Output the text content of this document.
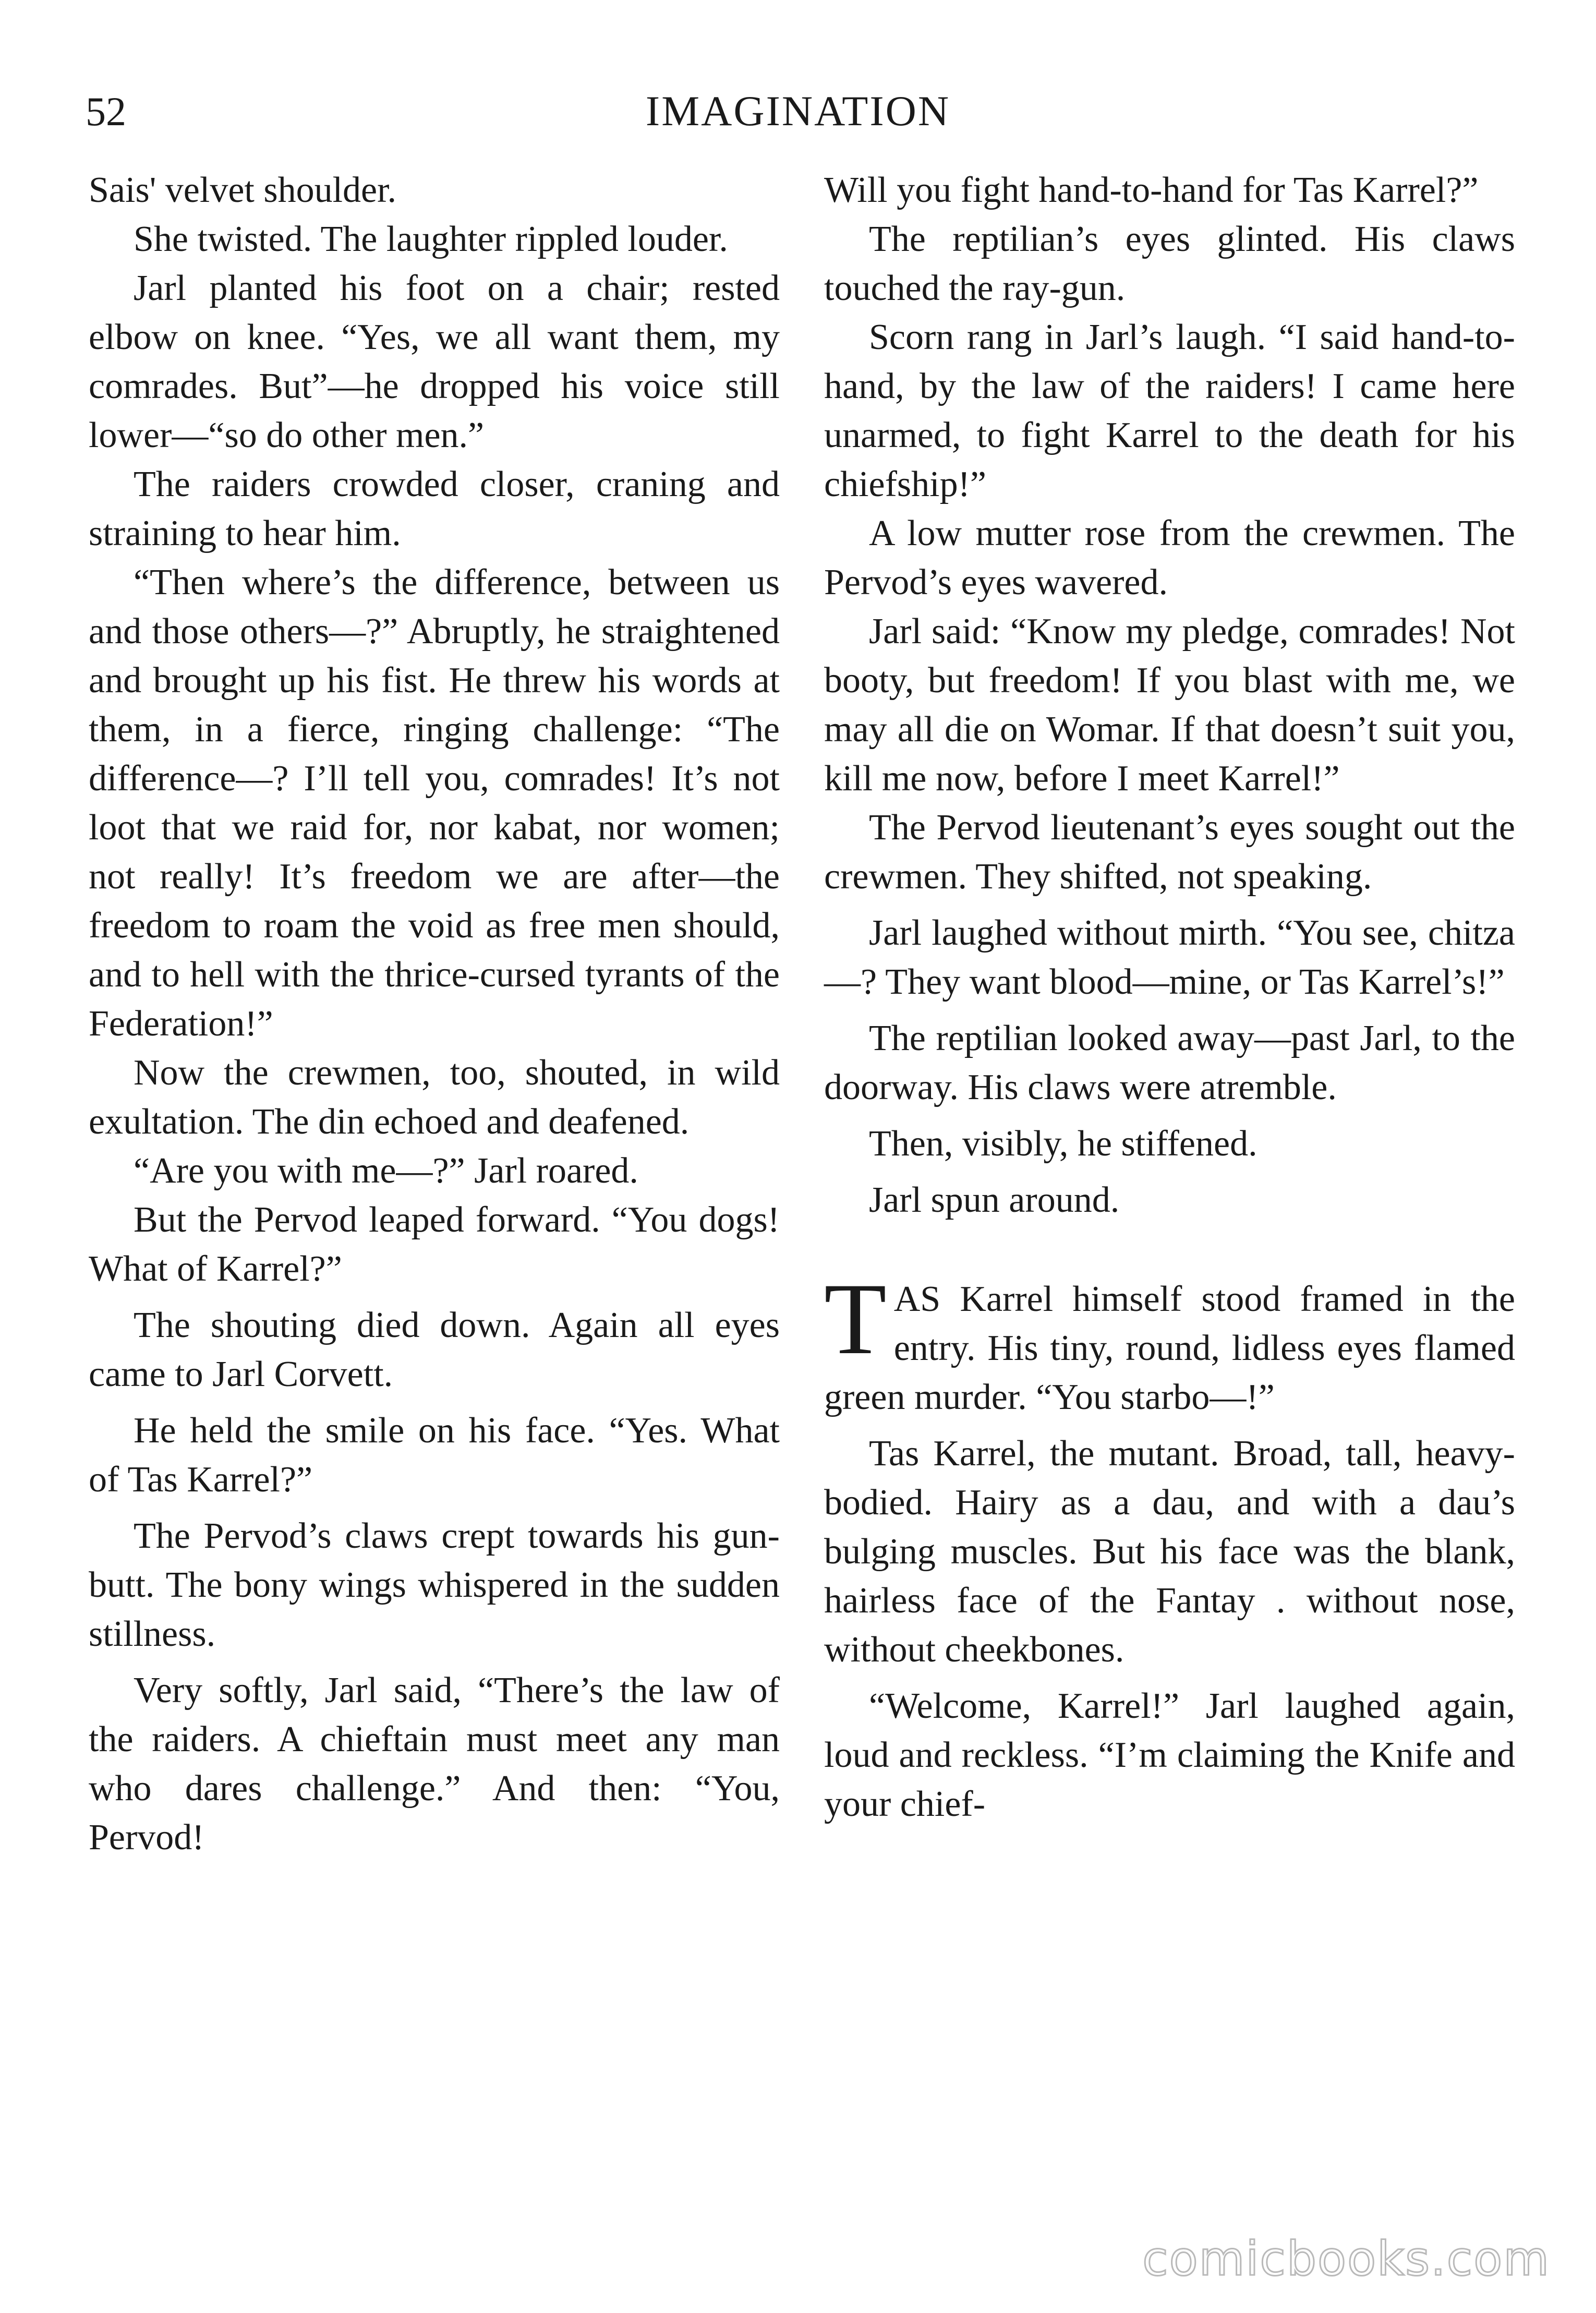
52	IMAGINATION

Sais' velvet shoulder.

She twisted. The laughter rippled louder.

Jarl planted his foot on a chair; rested elbow on knee. “Yes, we all want them, my comrades. But”—he dropped his voice still lower—“so do other men.”

The raiders crowded closer, craning and straining to hear him.

“Then where’s the difference, between us and those others—?” Abruptly, he straightened and brought up his fist. He threw his words at them, in a fierce, ringing challenge: “The difference—? I’ll tell you, comrades! It’s not loot that we raid for, nor kabat, nor women; not really! It’s freedom we are after—the freedom to roam the void as free men should, and to hell with the thrice-cursed tyrants of the Federation!”

Now the crewmen, too, shouted, in wild exultation. The din echoed and deafened.

“Are you with me—?” Jarl roared.

But the Pervod leaped forward. “You dogs! What of Karrel?”

The shouting died down. Again all eyes came to Jarl Corvett.

He held the smile on his face. “Yes. What of Tas Karrel?”

The Pervod’s claws crept towards his gun-butt. The bony wings whispered in the sudden stillness.

Very softly, Jarl said, “There’s the law of the raiders. A chieftain must meet any man who dares challenge.” And then: “You, Pervod!

Will you fight hand-to-hand for Tas Karrel?”

The reptilian’s eyes glinted. His claws touched the ray-gun.

Scorn rang in Jarl’s laugh. “I said hand-to-hand, by the law of the raiders! I came here unarmed, to fight Karrel to the death for his chiefship!”

A low mutter rose from the crewmen. The Pervod’s eyes wavered.

Jarl said: “Know my pledge, comrades! Not booty, but freedom! If you blast with me, we may all die on Womar. If that doesn’t suit you, kill me now, before I meet Karrel!”

The Pervod lieutenant’s eyes sought out the crewmen. They shifted, not speaking.

Jarl laughed without mirth. “You see, chitza—? They want blood—mine, or Tas Karrel’s!”

The reptilian looked away—past Jarl, to the doorway. His claws were atremble.

Then, visibly, he stiffened.

Jarl spun around.

TAS Karrel himself stood framed in the entry. His tiny, round, lidless eyes flamed green murder. “You starbo—!”

Tas Karrel, the mutant. Broad, tall, heavy-bodied. Hairy as a dau, and with a dau’s bulging muscles. But his face was the blank, hairless face of the Fantay . without nose, without cheekbones.

“Welcome, Karrel!” Jarl laughed again, loud and reckless. “I’m claiming the Knife and your chief-

comicbooks.com
